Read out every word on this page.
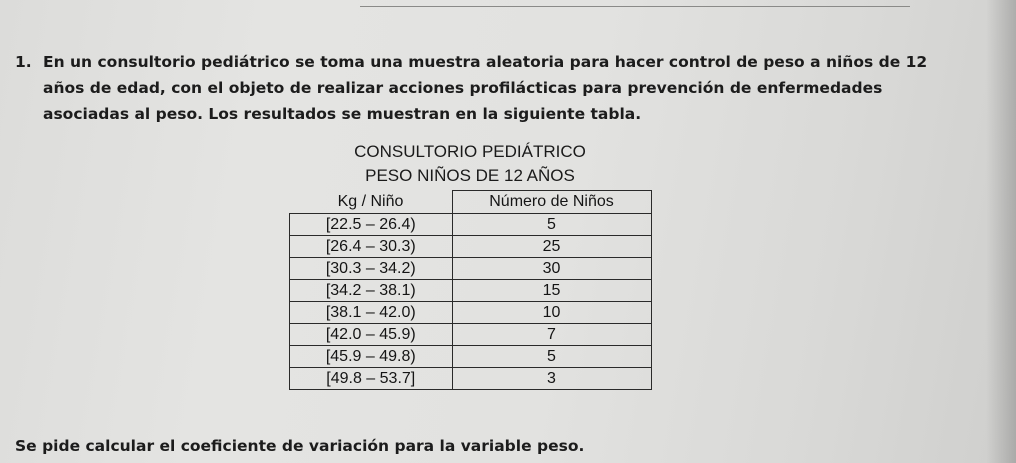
1. En un consultorio pediátrico se toma una muestra aleatoria para hacer control de peso a niños de 12 años de edad, con el objeto de realizar acciones profilácticas para prevención de enfermedades asociadas al peso. Los resultados se muestran en la siguiente tabla.
CONSULTORIO PEDIÁTRICO
PESO NIÑOS DE 12 AÑOS
Kg / Niño	Número de Niños
[22.5 – 26.4)	5
[26.4 – 30.3)	25
[30.3 – 34.2)	30
[34.2 – 38.1)	15
[38.1 – 42.0)	10
[42.0 – 45.9)	7
[45.9 – 49.8)	5
[49.8 – 53.7]	3
Se pide calcular el coeficiente de variación para la variable peso.
